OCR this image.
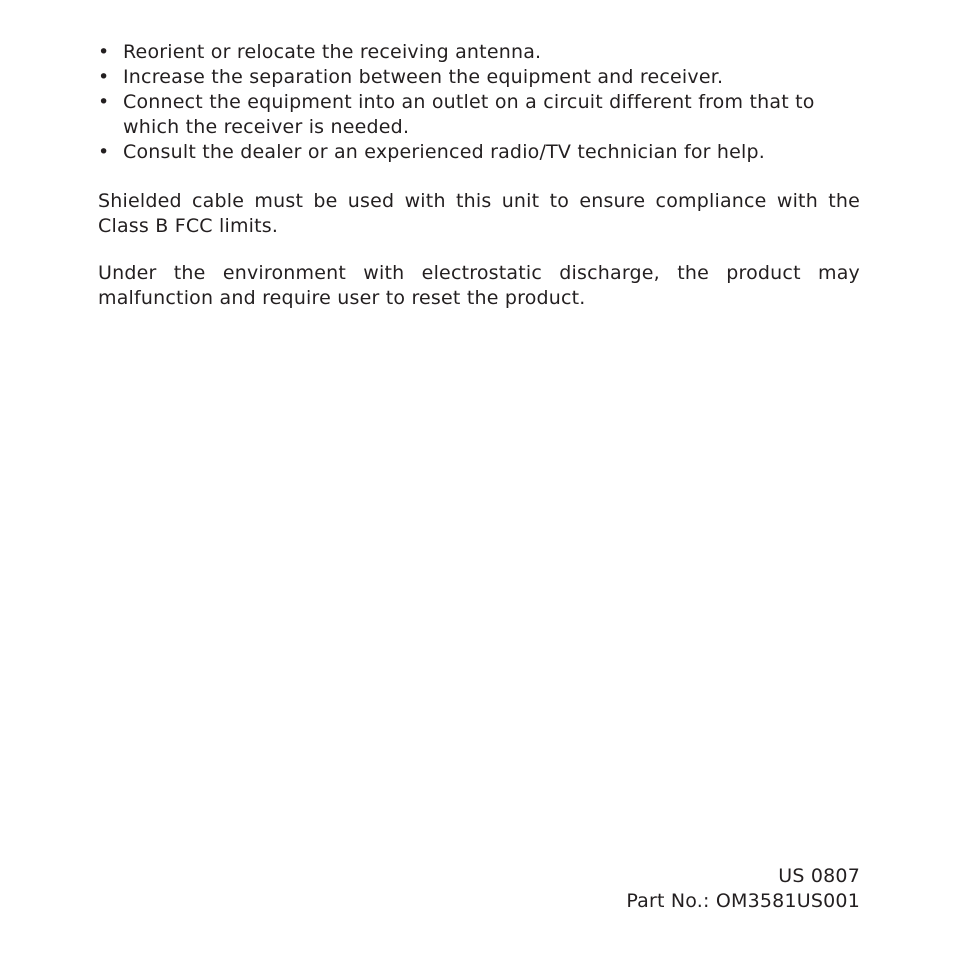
• Reorient or relocate the receiving antenna.
• Increase the separation between the equipment and receiver.
• Connect the equipment into an outlet on a circuit different from that to which the receiver is needed.
• Consult the dealer or an experienced radio/TV technician for help.

Shielded cable must be used with this unit to ensure compliance with the Class B FCC limits.

Under the environment with electrostatic discharge, the product may malfunction and require user to reset the product.

US 0807
Part No.: OM3581US001
